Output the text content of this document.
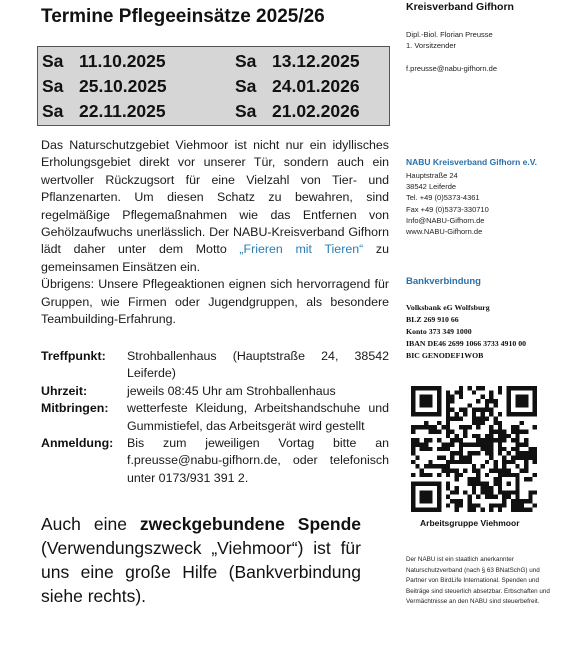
Termine Pflegeeinsätze 2025/26
Sa 11.10.2025	Sa 13.12.2025
Sa 25.10.2025	Sa 24.01.2026
Sa 22.11.2025	Sa 21.02.2026

Das Naturschutzgebiet Viehmoor ist nicht nur ein idyllisches Erholungsgebiet direkt vor unserer Tür, sondern auch ein wertvoller Rückzugsort für eine Vielzahl von Tier- und Pflanzenarten. Um diesen Schatz zu bewahren, sind regelmäßige Pflegemaßnahmen wie das Entfernen von Gehölzaufwuchs unerlässlich. Der NABU-Kreisverband Gifhorn lädt daher unter dem Motto „Frieren mit Tieren“ zu gemeinsamen Einsätzen ein.

Übrigens: Unsere Pflegeaktionen eignen sich hervorragend für Gruppen, wie Firmen oder Jugendgruppen, als besondere Teambuilding-Erfahrung.

Treffpunkt:	Strohballenhaus (Hauptstraße 24, 38542 Leiferde)
Uhrzeit:	jeweils 08:45 Uhr am Strohballenhaus
Mitbringen:	wetterfeste Kleidung, Arbeitshandschuhe und Gummistiefel, das Arbeitsgerät wird gestellt
Anmeldung:	Bis zum jeweiligen Vortag bitte an f.preusse@nabu-gifhorn.de, oder telefonisch unter 0173/931 391 2.
Auch eine zweckgebundene Spende (Verwendungszweck „Viehmoor“) ist für uns eine große Hilfe (Bankverbindung siehe rechts).
Kreisverband Gifhorn
Dipl.-Biol. Florian Preusse
1. Vorsitzender
f.preusse@nabu-gifhorn.de
NABU Kreisverband Gifhorn e.V.
Hauptstraße 24
38542 Leiferde
Tel. +49 (0)5373-4361
Fax +49 (0)5373-330710
Info@NABU-Gifhorn.de
www.NABU-Gifhorn.de
Bankverbindung
Volksbank eG Wolfsburg
BLZ 269 910 66
Konto 373 349 1000
IBAN DE46 2699 1066 3733 4910 00
BIC GENODEF1WOB
Arbeitsgruppe Viehmoor
Der NABU ist ein staatlich anerkannter Naturschutzverband (nach § 63 BNatSchG) und Partner von BirdLife International. Spenden und Beiträge sind steuerlich absetzbar. Erbschaften und Vermächtnisse an den NABU sind steuerbefreit.
